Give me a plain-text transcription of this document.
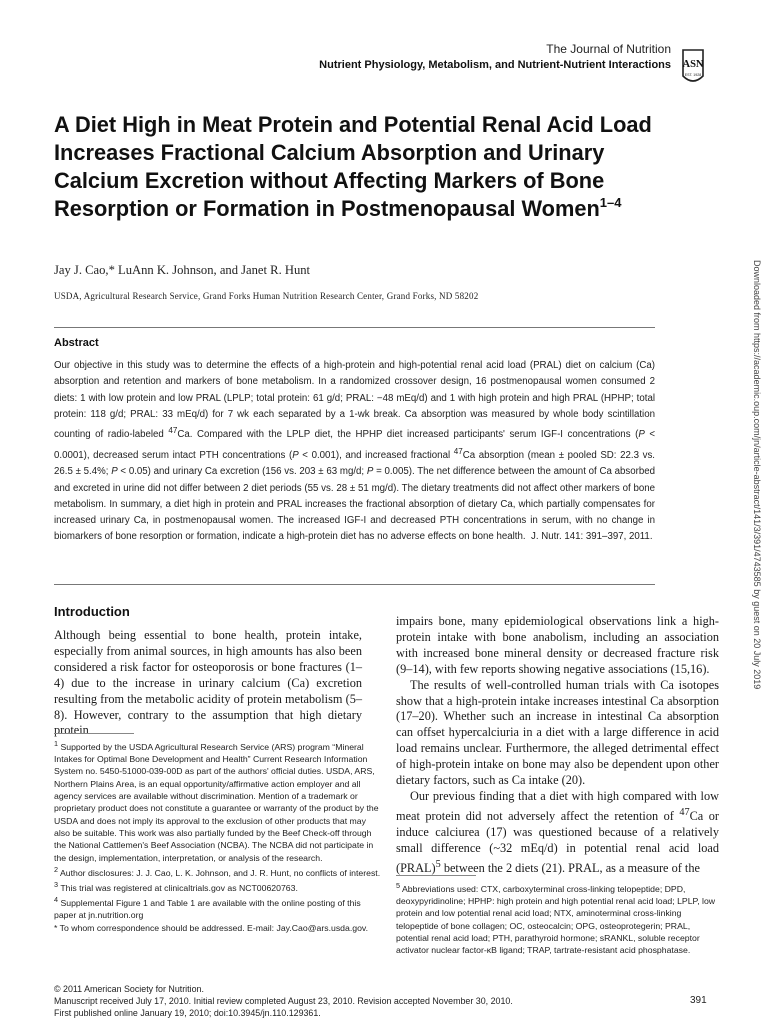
The Journal of Nutrition
Nutrient Physiology, Metabolism, and Nutrient-Nutrient Interactions ASN
EST. 1928
A Diet High in Meat Protein and Potential Renal Acid Load Increases Fractional Calcium Absorption and Urinary Calcium Excretion without Affecting Markers of Bone Resorption or Formation in Postmenopausal Women$^{1-4}$
Jay J. Cao,* LuAnn K. Johnson, and Janet R. Hunt
USDA, Agricultural Research Service, Grand Forks Human Nutrition Research Center, Grand Forks, ND 58202
Abstract
Our objective in this study was to determine the effects of a high-protein and high-potential renal acid load (PRAL) diet on calcium (Ca) absorption and retention and markers of bone metabolism. In a randomized crossover design, 16 postmenopausal women consumed 2 diets: 1 with low protein and low PRAL (LPLP; total protein: 61 g/d; PRAL: −48 mEq/d) and 1 with high protein and high PRAL (HPHP; total protein: 118 g/d; PRAL: 33 mEq/d) for 7 wk each separated by a 1-wk break. Ca absorption was measured by whole body scintillation counting of radio-labeled $^{47}$Ca. Compared with the LPLP diet, the HPHP diet increased participants' serum IGF-I concentrations (P < 0.0001), decreased serum intact PTH concentrations (P < 0.001), and increased fractional $^{47}$Ca absorption (mean ± pooled SD: 22.3 vs. 26.5 ± 5.4%; P < 0.05) and urinary Ca excretion (156 vs. 203 ± 63 mg/d; P = 0.005). The net difference between the amount of Ca absorbed and excreted in urine did not differ between 2 diet periods (55 vs. 28 ± 51 mg/d). The dietary treatments did not affect other markers of bone metabolism. In summary, a diet high in protein and PRAL increases the fractional absorption of dietary Ca, which partially compensates for increased urinary Ca, in postmenopausal women. The increased IGF-I and decreased PTH concentrations in serum, with no change in biomarkers of bone resorption or formation, indicate a high-protein diet has no adverse effects on bone health. J. Nutr. 141: 391–397, 2011.
Introduction

Although being essential to bone health, protein intake, especially from animal sources, in high amounts has also been considered a risk factor for osteoporosis or bone fractures (1–4) due to the increase in urinary calcium (Ca) excretion resulting from the metabolic acidity of protein metabolism (5–8). However, contrary to the assumption that high dietary protein

impairs bone, many epidemiological observations link a high-protein intake with bone anabolism, including an association with increased bone mineral density or decreased fracture risk (9–14), with few reports showing negative associations (15,16).

The results of well-controlled human trials with Ca isotopes show that a high-protein intake increases intestinal Ca absorption (17–20). Whether such an increase in intestinal Ca absorption can offset hypercalciuria in a diet with a large difference in acid load remains unclear. Furthermore, the alleged detrimental effect of high-protein intake on bone may also be dependent upon other dietary factors, such as Ca intake (20).

Our previous finding that a diet with high compared with low meat protein did not adversely affect the retention of $^{47}$Ca or induce calciurea (17) was questioned because of a relatively small difference (~32 mEq/d) in potential renal acid load (PRAL)$^5$ between the 2 diets (21). PRAL, as a measure of the

$^1$ Supported by the USDA Agricultural Research Service (ARS) program “Mineral Intakes for Optimal Bone Development and Health” Current Research Information System no. 5450-51000-039-00D as part of the authors' official duties. USDA, ARS, Northern Plains Area, is an equal opportunity/affirmative action employer and all agency services are available without discrimination. Mention of a trademark or proprietary product does not constitute a guarantee or warranty of the product by the USDA and does not imply its approval to the exclusion of other products that may also be suitable. This work was also partially funded by the Beef Check-off through the National Cattlemen's Beef Association (NCBA). The NCBA did not participate in the design, implementation, interpretation, or analysis of the research.

$^2$ Author disclosures: J. J. Cao, L. K. Johnson, and J. R. Hunt, no conflicts of interest.

$^3$ This trial was registered at clinicaltrials.gov as NCT00620763.

$^4$ Supplemental Figure 1 and Table 1 are available with the online posting of this paper at jn.nutrition.org

* To whom correspondence should be addressed. E-mail: Jay.Cao@ars.usda.gov.

$^5$ Abbreviations used: CTX, carboxyterminal cross-linking telopeptide; DPD, deoxypyridinoline; HPHP: high protein and high potential renal acid load; LPLP, low protein and low potential renal acid load; NTX, aminoterminal cross-linking telopeptide of bone collagen; OC, osteocalcin; OPG, osteoprotegerin; PRAL, potential renal acid load; PTH, parathyroid hormone; sRANKL, soluble receptor activator nuclear factor-κB ligand; TRAP, tartrate-resistant acid phosphatase.

© 2011 American Society for Nutrition.
Manuscript received July 17, 2010. Initial review completed August 23, 2010. Revision accepted November 30, 2010.
First published online January 19, 2010; doi:10.3945/jn.110.129361.
391
Downloaded from https://academic.oup.com/jn/article-abstract/141/3/391/4743585 by guest on 20 July 2019
